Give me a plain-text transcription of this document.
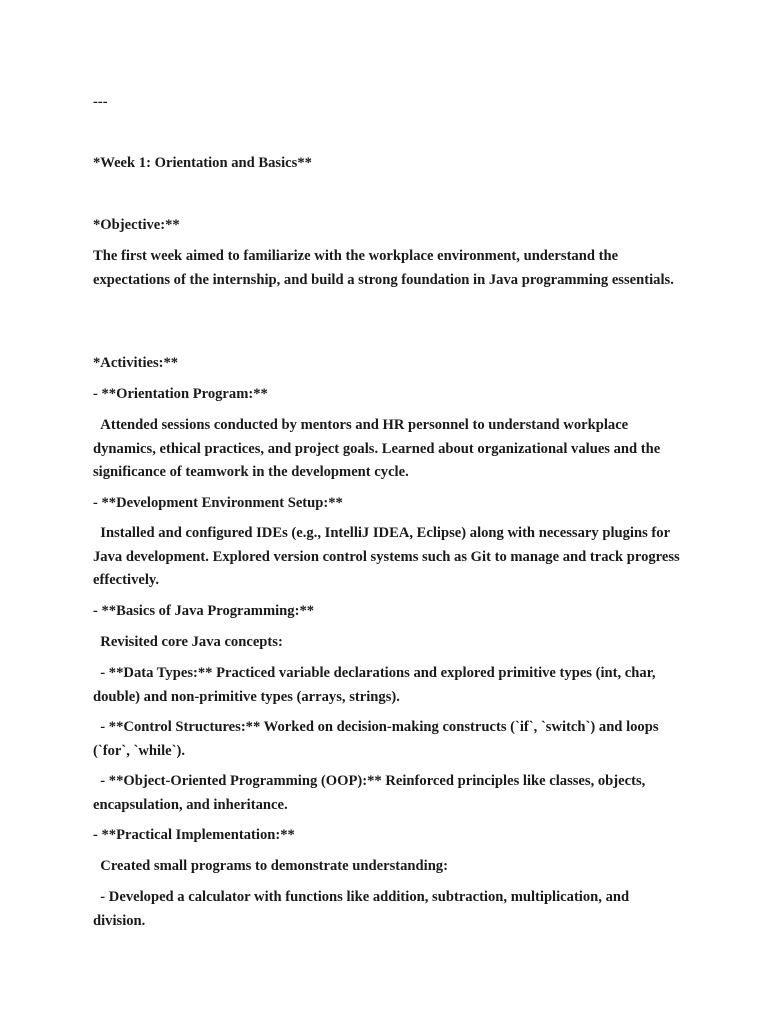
---
*Week 1: Orientation and Basics**
*Objective:**
The first week aimed to familiarize with the workplace environment, understand the expectations of the internship, and build a strong foundation in Java programming essentials.
*Activities:**
- **Orientation Program:**
Attended sessions conducted by mentors and HR personnel to understand workplace dynamics, ethical practices, and project goals. Learned about organizational values and the significance of teamwork in the development cycle.
- **Development Environment Setup:**
Installed and configured IDEs (e.g., IntelliJ IDEA, Eclipse) along with necessary plugins for Java development. Explored version control systems such as Git to manage and track progress effectively.
- **Basics of Java Programming:**
Revisited core Java concepts:
- **Data Types:** Practiced variable declarations and explored primitive types (int, char, double) and non-primitive types (arrays, strings).
- **Control Structures:** Worked on decision-making constructs (`if`, `switch`) and loops (`for`, `while`).
- **Object-Oriented Programming (OOP):** Reinforced principles like classes, objects, encapsulation, and inheritance.
- **Practical Implementation:**
Created small programs to demonstrate understanding:
- Developed a calculator with functions like addition, subtraction, multiplication, and division.
